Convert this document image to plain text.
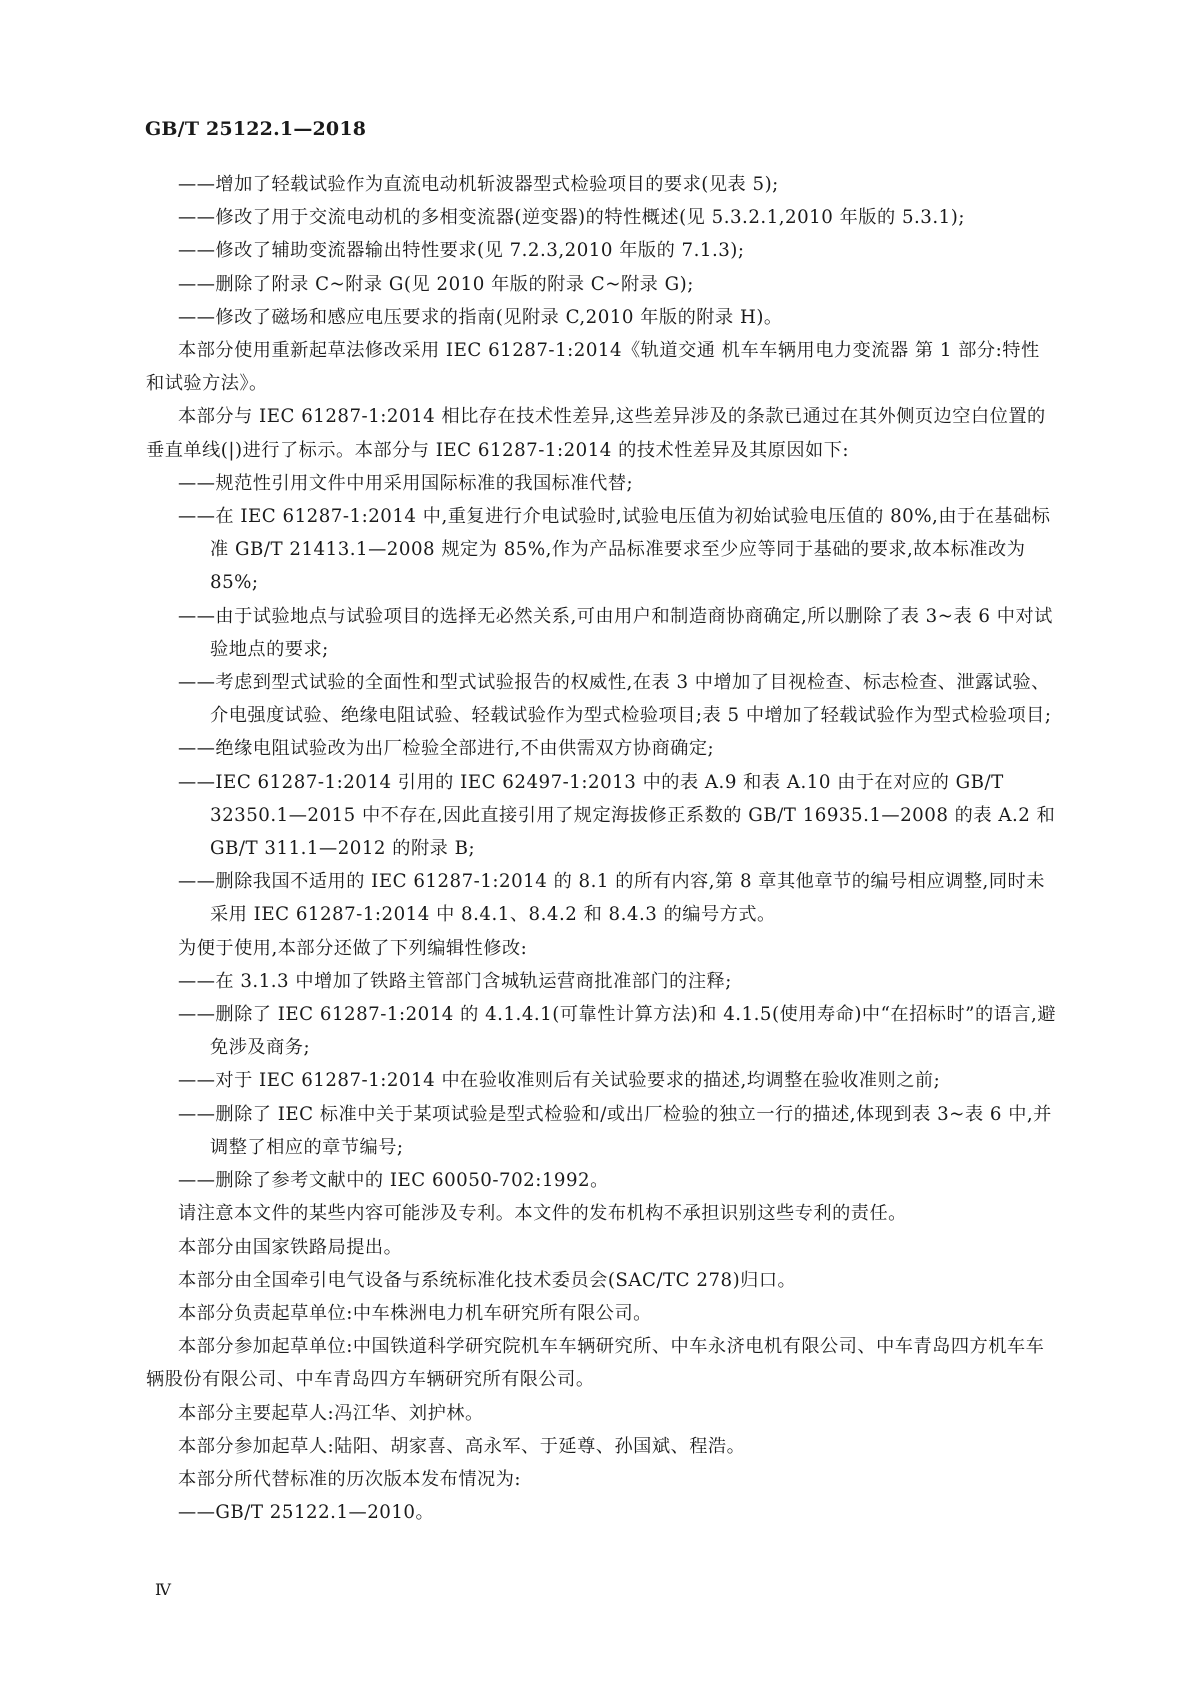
GB/T 25122.1—2018
——增加了轻载试验作为直流电动机斩波器型式检验项目的要求(见表 5);
——修改了用于交流电动机的多相变流器(逆变器)的特性概述(见 5.3.2.1,2010 年版的 5.3.1);
——修改了辅助变流器输出特性要求(见 7.2.3,2010 年版的 7.1.3);
——删除了附录 C~附录 G(见 2010 年版的附录 C~附录 G);
——修改了磁场和感应电压要求的指南(见附录 C,2010 年版的附录 H)。
本部分使用重新起草法修改采用 IEC 61287-1:2014《轨道交通 机车车辆用电力变流器 第 1 部分:特性和试验方法》。
本部分与 IEC 61287-1:2014 相比存在技术性差异,这些差异涉及的条款已通过在其外侧页边空白位置的垂直单线(|)进行了标示。本部分与 IEC 61287-1:2014 的技术性差异及其原因如下:
——规范性引用文件中用采用国际标准的我国标准代替;
——在 IEC 61287-1:2014 中,重复进行介电试验时,试验电压值为初始试验电压值的 80%,由于在基础标准 GB/T 21413.1—2008 规定为 85%,作为产品标准要求至少应等同于基础的要求,故本标准改为 85%;
——由于试验地点与试验项目的选择无必然关系,可由用户和制造商协商确定,所以删除了表 3~表 6 中对试验地点的要求;
——考虑到型式试验的全面性和型式试验报告的权威性,在表 3 中增加了目视检查、标志检查、泄露试验、介电强度试验、绝缘电阻试验、轻载试验作为型式检验项目;表 5 中增加了轻载试验作为型式检验项目;
——绝缘电阻试验改为出厂检验全部进行,不由供需双方协商确定;
——IEC 61287-1:2014 引用的 IEC 62497-1:2013 中的表 A.9 和表 A.10 由于在对应的 GB/T 32350.1—2015 中不存在,因此直接引用了规定海拔修正系数的 GB/T 16935.1—2008 的表 A.2 和 GB/T 311.1—2012 的附录 B;
——删除我国不适用的 IEC 61287-1:2014 的 8.1 的所有内容,第 8 章其他章节的编号相应调整,同时未采用 IEC 61287-1:2014 中 8.4.1、8.4.2 和 8.4.3 的编号方式。
为便于使用,本部分还做了下列编辑性修改:
——在 3.1.3 中增加了铁路主管部门含城轨运营商批准部门的注释;
——删除了 IEC 61287-1:2014 的 4.1.4.1(可靠性计算方法)和 4.1.5(使用寿命)中“在招标时”的语言,避免涉及商务;
——对于 IEC 61287-1:2014 中在验收准则后有关试验要求的描述,均调整在验收准则之前;
——删除了 IEC 标准中关于某项试验是型式检验和/或出厂检验的独立一行的描述,体现到表 3~表 6 中,并调整了相应的章节编号;
——删除了参考文献中的 IEC 60050-702:1992。
请注意本文件的某些内容可能涉及专利。本文件的发布机构不承担识别这些专利的责任。
本部分由国家铁路局提出。
本部分由全国牵引电气设备与系统标准化技术委员会(SAC/TC 278)归口。
本部分负责起草单位:中车株洲电力机车研究所有限公司。
本部分参加起草单位:中国铁道科学研究院机车车辆研究所、中车永济电机有限公司、中车青岛四方机车车辆股份有限公司、中车青岛四方车辆研究所有限公司。
本部分主要起草人:冯江华、刘护林。
本部分参加起草人:陆阳、胡家喜、高永军、于延尊、孙国斌、程浩。
本部分所代替标准的历次版本发布情况为:
——GB/T 25122.1—2010。
Ⅳ
